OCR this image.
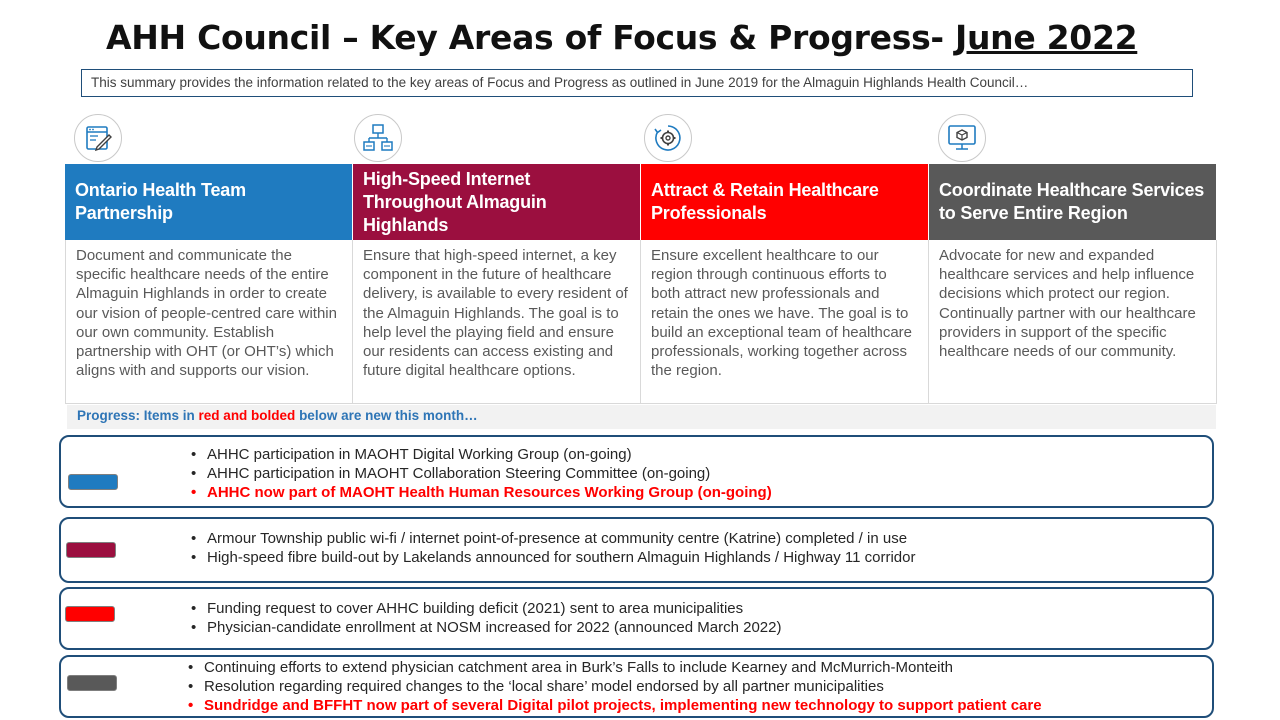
AHH Council – Key Areas of Focus & Progress- June 2022
This summary provides the information related to the key areas of Focus and Progress as outlined in June 2019 for the Almaguin Highlands Health Council…
Ontario Health Team Partnership
High-Speed Internet Throughout Almaguin Highlands
Attract & Retain Healthcare Professionals
Coordinate Healthcare Services to Serve Entire Region
Document and communicate the specific healthcare needs of the entire Almaguin Highlands in order to create our vision of people-centred care within our own community. Establish partnership with OHT (or OHT’s) which aligns with and supports our vision.
Ensure that high-speed internet, a key component in the future of healthcare delivery, is available to every resident of the Almaguin Highlands. The goal is to help level the playing field and ensure our residents can access existing and future digital healthcare options.
Ensure excellent healthcare to our region through continuous efforts to both attract new professionals and retain the ones we have. The goal is to build an exceptional team of healthcare professionals, working together across the region.
Advocate for new and expanded healthcare services and help influence decisions which protect our region. Continually partner with our healthcare providers in support of the specific healthcare needs of our community.
Progress: Items in red and bolded below are new this month…
• AHHC participation in MAOHT Digital Working Group (on-going)
• AHHC participation in MAOHT Collaboration Steering Committee (on-going)
• AHHC now part of MAOHT Health Human Resources Working Group (on-going)
• Armour Township public wi-fi / internet point-of-presence at community centre (Katrine) completed / in use
• High-speed fibre build-out by Lakelands announced for southern Almaguin Highlands / Highway 11 corridor
• Funding request to cover AHHC building deficit (2021) sent to area municipalities
• Physician-candidate enrollment at NOSM increased for 2022 (announced March 2022)
• Continuing efforts to extend physician catchment area in Burk’s Falls to include Kearney and McMurrich-Monteith
• Resolution regarding required changes to the ‘local share’ model endorsed by all partner municipalities
• Sundridge and BFFHT now part of several Digital pilot projects, implementing new technology to support patient care
